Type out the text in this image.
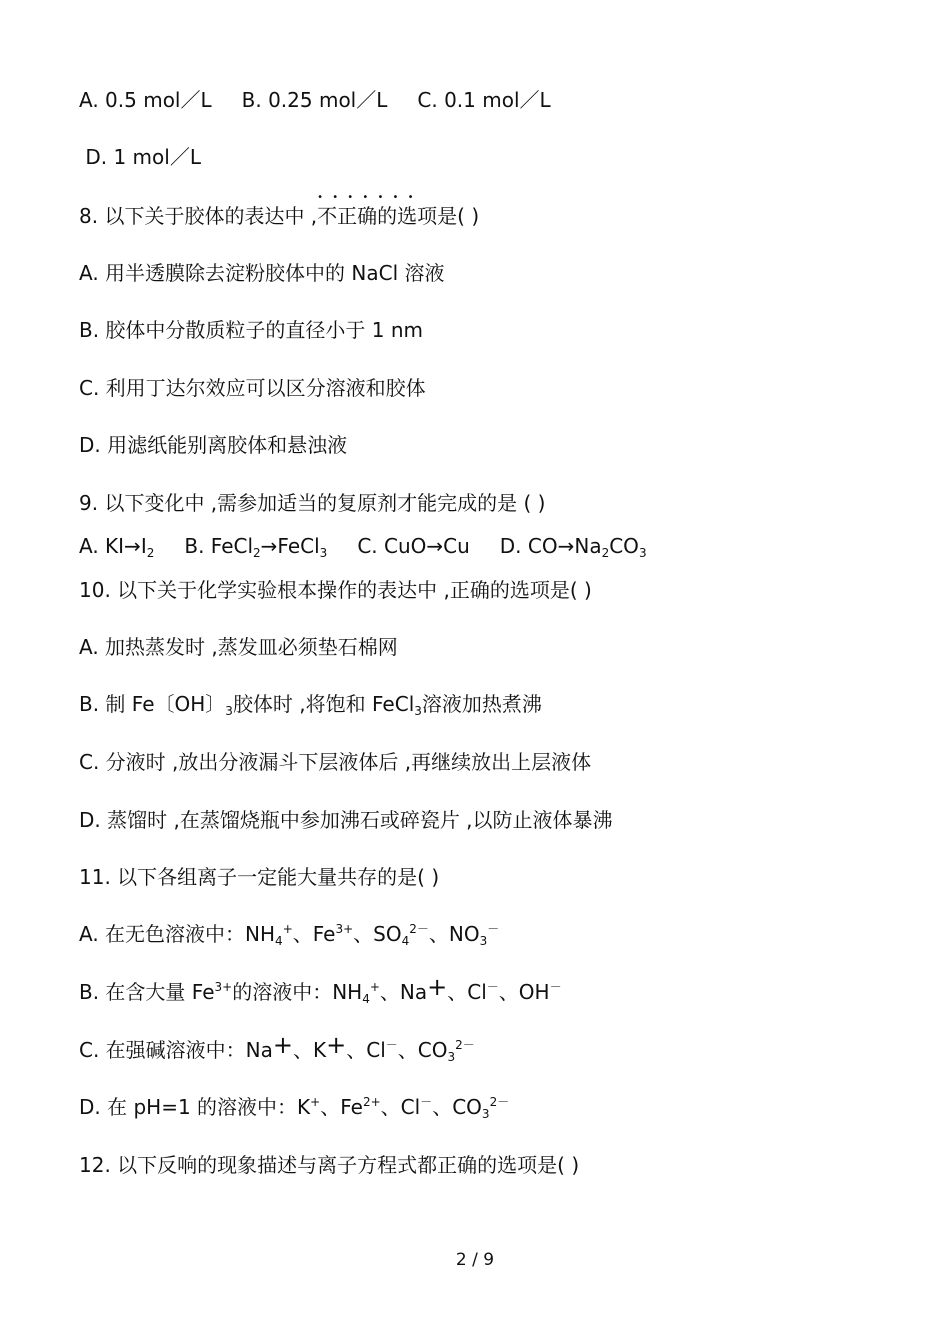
A. 0.5 mol／L B. 0.25 mol／L C. 0.1 mol／L
D. 1 mol／L
8. 以下关于胶体的表达中 ,• • • 不正确的选项是( )
A. 用半透膜除去淀粉胶体中的 NaCl 溶液
B. 胶体中分散质粒子的直径小于 1 nm
C. 利用丁达尔效应可以区分溶液和胶体
D. 用滤纸能别离胶体和悬浊液
9. 以下变化中 ,需参加适当的复原剂才能完成的是 ( )
A. $KI\to I_2$ B. FeCl$_2$→FeCl$_3$ C. CuO→Cu D. $CO\to Na_2CO_3$
10. 以下关于化学实验根本操作的表达中 ,正确的选项是( )
A. 加热蒸发时 ,蒸发皿必须垫石棉网
B. 制 Fe〔OH〕$_3$胶体时 ,将饱和 FeCl$_3$溶液加热煮沸
C. 分液时 ,放出分液漏斗下层液体后 ,再继续放出上层液体
D. 蒸馏时 ,在蒸馏烧瓶中参加沸石或碎瓷片 ,以防止液体暴沸
11. 以下各组离子一定能大量共存的是( )
A. 在无色溶液中：$NH_4^+$、$Fe^{3+}$、$SO_4^{2-}$、$NO_3^-$
B. 在含大量 $Fe^{3+}$的溶液中：$NH_4^+$、Na+、Cl－、OH－
C. 在强碱溶液中：Na+、K+、Cl－、$CO_3^{2-}$
D. 在 pH=1 的溶液中：K+、$Fe^{2+}$、Cl－、$CO_3^{2-}$
12. 以下反响的现象描述与离子方程式都正确的选项是( )
2 / 9
